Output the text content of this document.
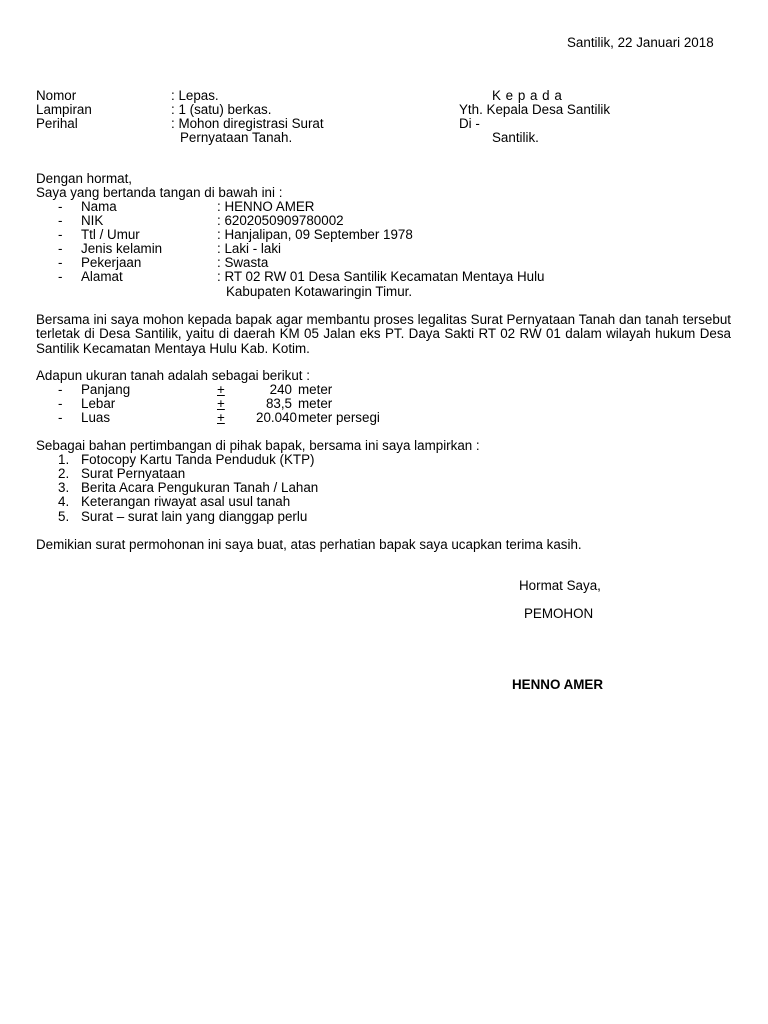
Santilik, 22 Januari 2018
Nomor	: Lepas.
Lampiran	: 1 (satu) berkas.
Perihal	: Mohon diregistrasi Surat
Pernyataan Tanah.
K e p a d a
Yth. Kepala Desa Santilik
Di -
Santilik.
Dengan hormat,
Saya yang bertanda tangan di bawah ini :
- Nama	: HENNO AMER
- NIK	: 6202050909780002
- Ttl / Umur	: Hanjalipan, 09 September 1978
- Jenis kelamin	: Laki - laki
- Pekerjaan	: Swasta
- Alamat	: RT 02 RW 01 Desa Santilik Kecamatan Mentaya Hulu
Kabupaten Kotawaringin Timur.
Bersama ini saya mohon kepada bapak agar membantu proses legalitas Surat Pernyataan Tanah dan tanah tersebut terletak di Desa Santilik, yaitu di daerah KM 05 Jalan eks PT. Daya Sakti RT 02 RW 01 dalam wilayah hukum Desa Santilik Kecamatan Mentaya Hulu Kab. Kotim.
Adapun ukuran tanah adalah sebagai berikut :
- Panjang	+	240 meter
- Lebar	+	83,5 meter
- Luas	+ 20.040 meter persegi
Sebagai bahan pertimbangan di pihak bapak, bersama ini saya lampirkan :
1. Fotocopy Kartu Tanda Penduduk (KTP)
2. Surat Pernyataan
3. Berita Acara Pengukuran Tanah / Lahan
4. Keterangan riwayat asal usul tanah
5. Surat – surat lain yang dianggap perlu
Demikian surat permohonan ini saya buat, atas perhatian bapak saya ucapkan terima kasih.
Hormat Saya,
PEMOHON
HENNO AMER
